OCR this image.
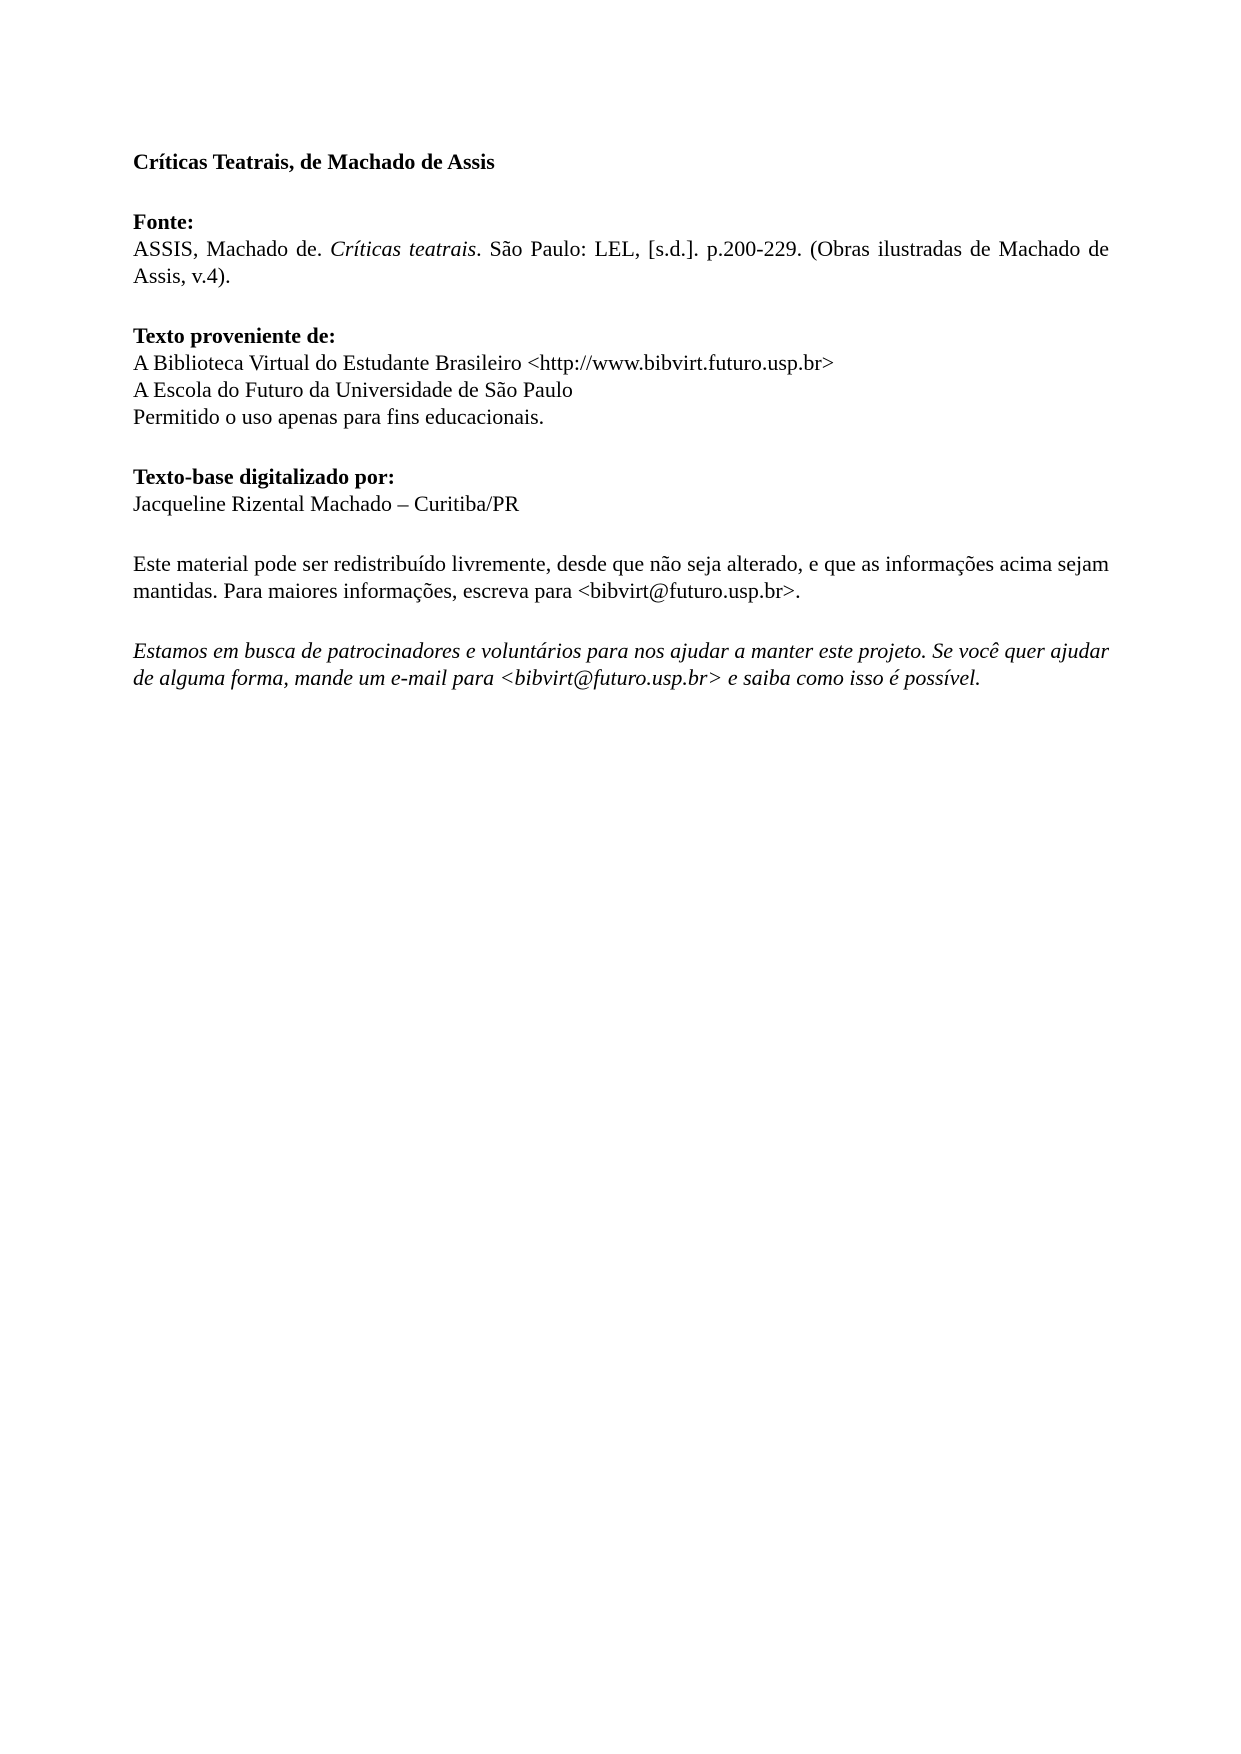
Críticas Teatrais, de Machado de Assis

Fonte:

ASSIS, Machado de. Críticas teatrais. São Paulo: LEL, [s.d.]. p.200-229. (Obras ilustradas de Machado de Assis, v.4).

Texto proveniente de:

A Biblioteca Virtual do Estudante Brasileiro <http://www.bibvirt.futuro.usp.br>
A Escola do Futuro da Universidade de São Paulo
Permitido o uso apenas para fins educacionais.

Texto-base digitalizado por:

Jacqueline Rizental Machado – Curitiba/PR

Este material pode ser redistribuído livremente, desde que não seja alterado, e que as informações acima sejam mantidas. Para maiores informações, escreva para <bibvirt@futuro.usp.br>.

Estamos em busca de patrocinadores e voluntários para nos ajudar a manter este projeto. Se você quer ajudar de alguma forma, mande um e-mail para <bibvirt@futuro.usp.br> e saiba como isso é possível.
